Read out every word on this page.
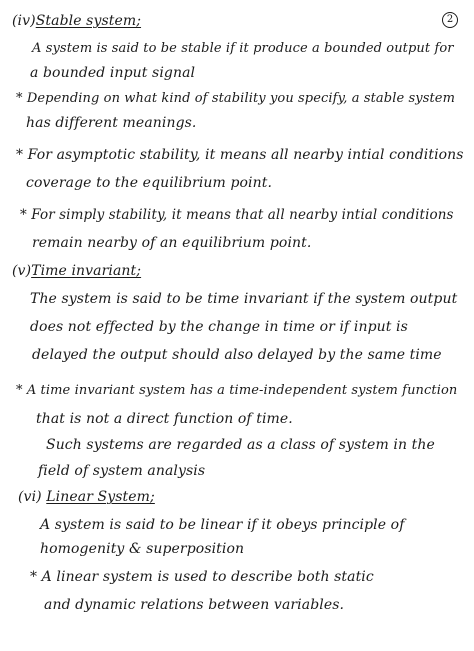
2
(iv)Stable system;
A system is said to be stable if it produce a bounded output for
a bounded input signal
* Depending on what kind of stability you specify, a stable system
has different meanings.
* For asymptotic stability, it means all nearby intial conditions
coverage to the equilibrium point.
* For simply stability, it means that all nearby intial conditions
remain nearby of an equilibrium point.
(v)Time invariant;
The system is said to be time invariant if the system output
does not effected by the change in time or if input is
delayed the output should also delayed by the same time
* A time invariant system has a time-independent system function
that is not a direct function of time.
Such systems are regarded as a class of system in the
field of system analysis
(vi) Linear System;
A system is said to be linear if it obeys principle of
homogenity & superposition
* A linear system is used to describe both static
and dynamic relations between variables.
